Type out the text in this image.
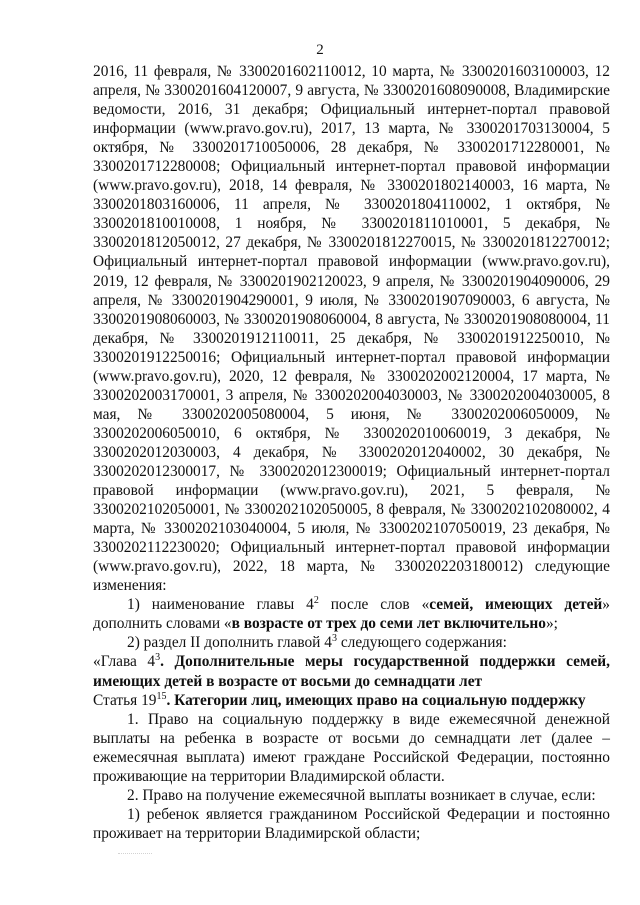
2

2016, 11 февраля, № 3300201602110012, 10 марта, № 3300201603100003, 12 апреля, № 3300201604120007, 9 августа, № 3300201608090008, Владимирские ведомости, 2016, 31 декабря; Официальный интернет-портал правовой информации (www.pravo.gov.ru), 2017, 13 марта, № 3300201703130004, 5 октября, № 3300201710050006, 28 декабря, № 3300201712280001, № 3300201712280008; Официальный интернет-портал правовой информации (www.pravo.gov.ru), 2018, 14 февраля, № 3300201802140003, 16 марта, № 3300201803160006, 11 апреля, № 3300201804110002, 1 октября, № 3300201810010008, 1 ноября, № 3300201811010001, 5 декабря, № 3300201812050012, 27 декабря, № 3300201812270015, № 3300201812270012; Официальный интернет-портал правовой информации (www.pravo.gov.ru), 2019, 12 февраля, № 3300201902120023, 9 апреля, № 3300201904090006, 29 апреля, № 3300201904290001, 9 июля, № 3300201907090003, 6 августа, № 3300201908060003, № 3300201908060004, 8 августа, № 3300201908080004, 11 декабря, № 3300201912110011, 25 декабря, № 3300201912250010, № 3300201912250016; Официальный интернет-портал правовой информации (www.pravo.gov.ru), 2020, 12 февраля, № 3300202002120004, 17 марта, № 3300202003170001, 3 апреля, № 3300202004030003, № 3300202004030005, 8 мая, № 3300202005080004, 5 июня, № 3300202006050009, № 3300202006050010, 6 октября, № 3300202010060019, 3 декабря, № 3300202012030003, 4 декабря, № 3300202012040002, 30 декабря, № 3300202012300017, № 3300202012300019; Официальный интернет-портал правовой информации (www.pravo.gov.ru), 2021, 5 февраля, № 3300202102050001, № 3300202102050005, 8 февраля, № 3300202102080002, 4 марта, № 3300202103040004, 5 июля, № 3300202107050019, 23 декабря, № 3300202112230020; Официальный интернет-портал правовой информации (www.pravo.gov.ru), 2022, 18 марта, № 3300202203180012) следующие изменения:

1) наименование главы $4^2$ после слов «семей, имеющих детей» дополнить словами «в возрасте от трех до семи лет включительно»;

2) раздел II дополнить главой $4^3$ следующего содержания:

«Глава $4^3$. Дополнительные меры государственной поддержки семей, имеющих детей в возрасте от восьми до семнадцати лет

Статья $19^{15}$. Категории лиц, имеющих право на социальную поддержку

1. Право на социальную поддержку в виде ежемесячной денежной выплаты на ребенка в возрасте от восьми до семнадцати лет (далее – ежемесячная выплата) имеют граждане Российской Федерации, постоянно проживающие на территории Владимирской области.

2. Право на получение ежемесячной выплаты возникает в случае, если:

1) ребенок является гражданином Российской Федерации и постоянно проживает на территории Владимирской области;
